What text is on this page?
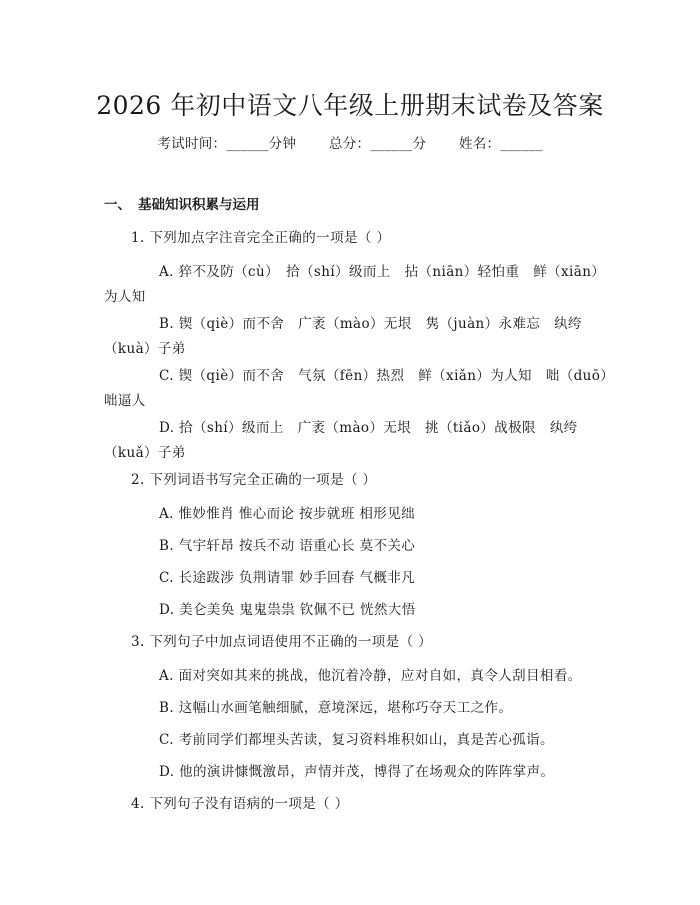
2026 年初中语文八年级上册期末试卷及答案
考试时间：______分钟 总分：______分 姓名：______
一、 基础知识积累与运用
1. 下列加点字注音完全正确的一项是（ ）
A. 猝不及防（cù）　拾（shí）级而上　拈（niān）轻怕重　鲜（xiān）
为人知
B. 锲（qiè）而不舍　广袤（mào）无垠　隽（juàn）永难忘　纨绔
（kuà）子弟
C. 锲（qiè）而不舍　气氛（fēn）热烈　鲜（xiǎn）为人知　咄（duō）
咄逼人
D. 拾（shí）级而上　广袤（mào）无垠　挑（tiǎo）战极限　纨绔
（kuǎ）子弟
2. 下列词语书写完全正确的一项是（ ）
A. 惟妙惟肖 惟心而论 按步就班 相形见绌
B. 气宇轩昂 按兵不动 语重心长 莫不关心
C. 长途跋涉 负荆请罪 妙手回春 气概非凡
D. 美仑美奂 鬼鬼祟祟 钦佩不已 恍然大悟
3. 下列句子中加点词语使用不正确的一项是（ ）
A. 面对突如其来的挑战，他沉着冷静，应对自如，真令人刮目相看。
B. 这幅山水画笔触细腻，意境深远，堪称巧夺天工之作。
C. 考前同学们都埋头苦读，复习资料堆积如山，真是苦心孤诣。
D. 他的演讲慷慨激昂，声情并茂，博得了在场观众的阵阵掌声。
4. 下列句子没有语病的一项是（ ）
